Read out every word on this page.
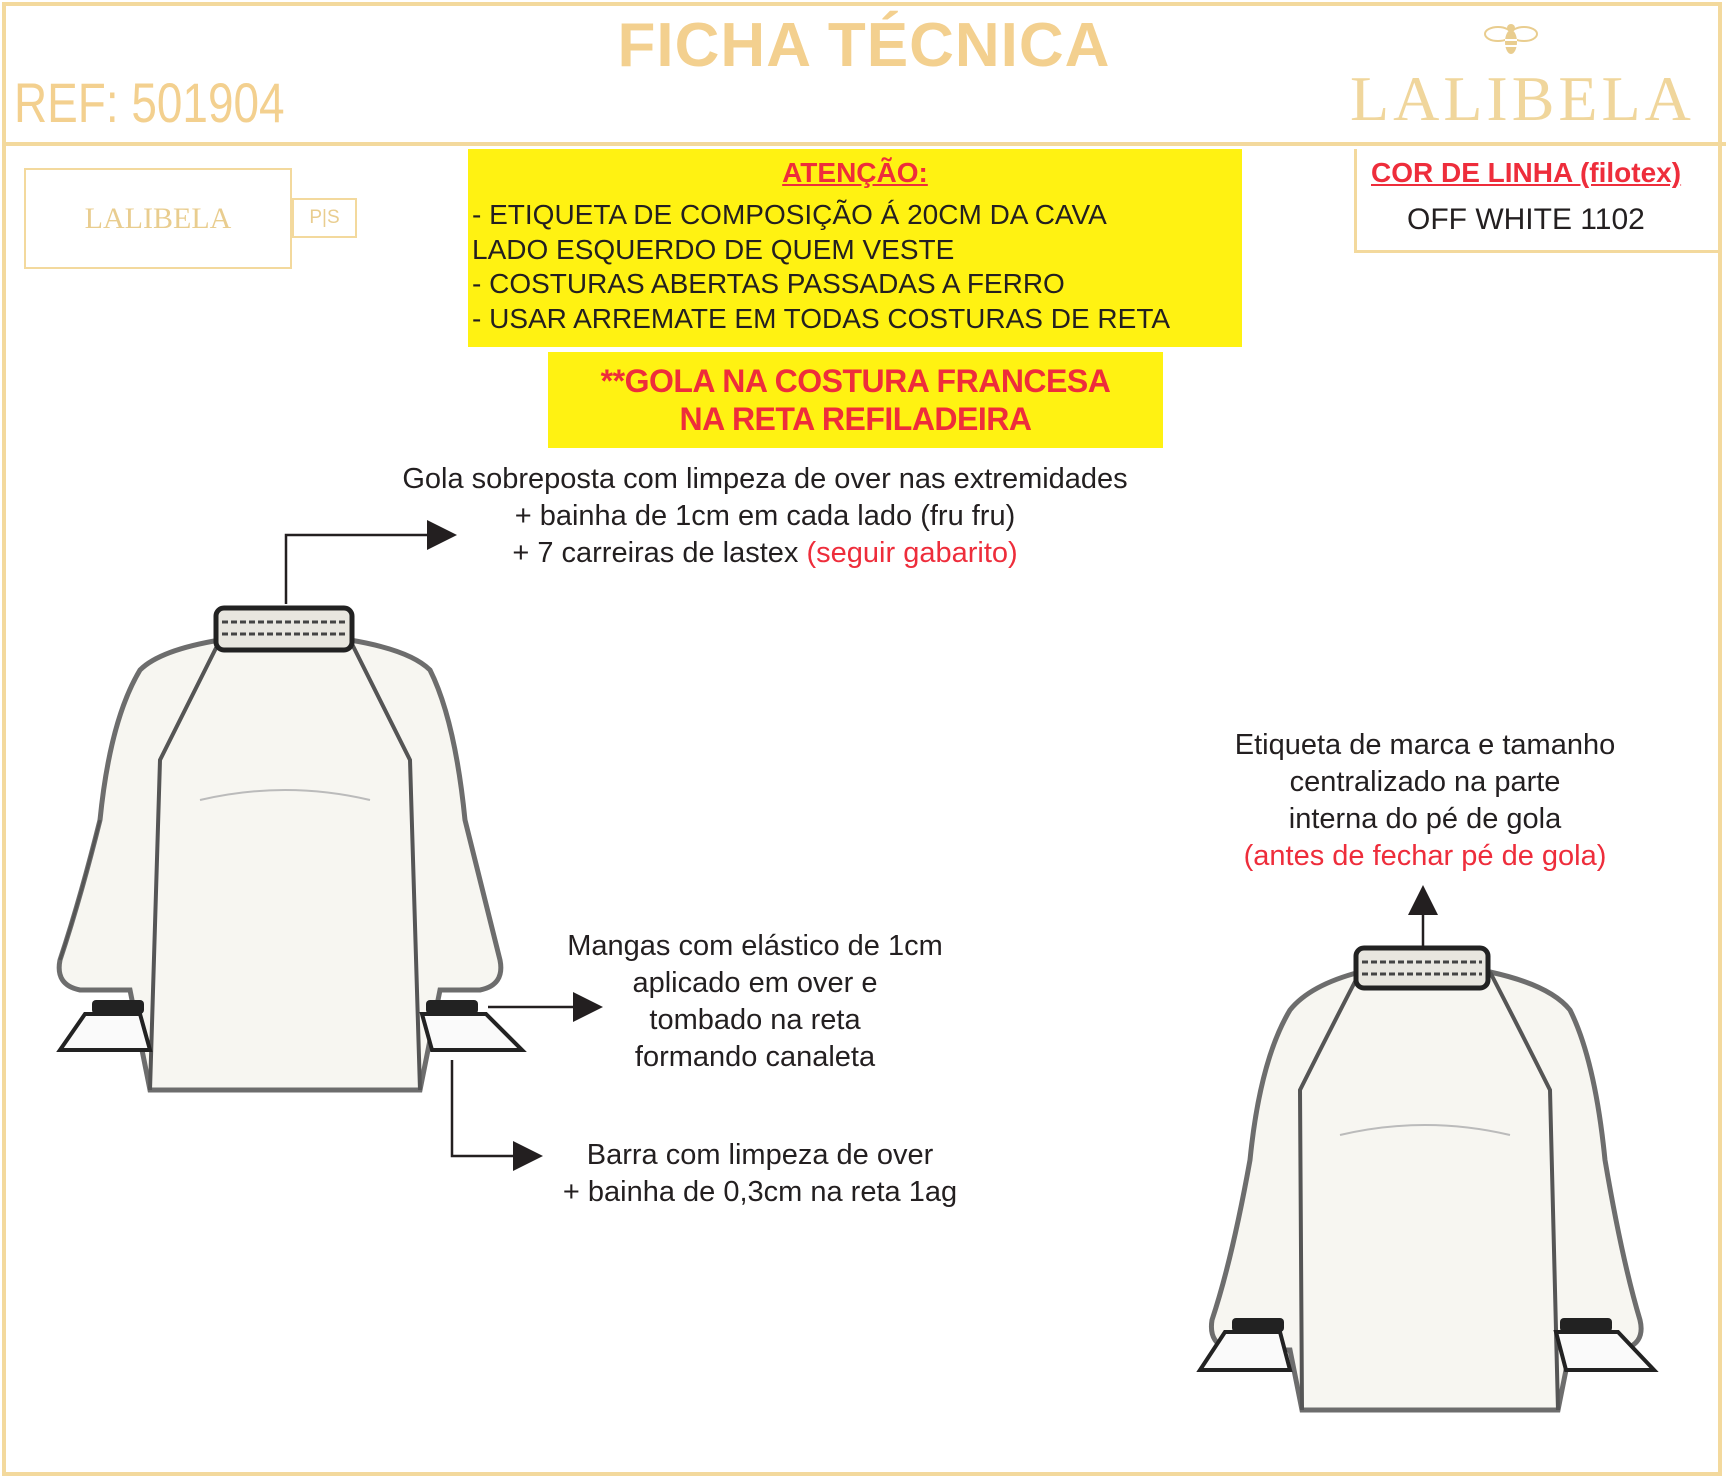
FICHA TÉCNICA
REF: 501904	LALIBELA
LALIBELA	P|S
ATENÇÃO:
- ETIQUETA DE COMPOSIÇÃO Á 20CM DA CAVA
LADO ESQUERDO DE QUEM VESTE
- COSTURAS ABERTAS PASSADAS A FERRO
- USAR ARREMATE EM TODAS COSTURAS DE RETA
**GOLA NA COSTURA FRANCESA
NA RETA REFILADEIRA
COR DE LINHA (filotex)
OFF WHITE 1102
Gola sobreposta com limpeza de over nas extremidades
+ bainha de 1cm em cada lado (fru fru)
+ 7 carreiras de lastex (seguir gabarito)
Mangas com elástico de 1cm
aplicado em over e
tombado na reta
formando canaleta
Barra com limpeza de over
+ bainha de 0,3cm na reta 1ag
Etiqueta de marca e tamanho
centralizado na parte
interna do pé de gola
(antes de fechar pé de gola)
